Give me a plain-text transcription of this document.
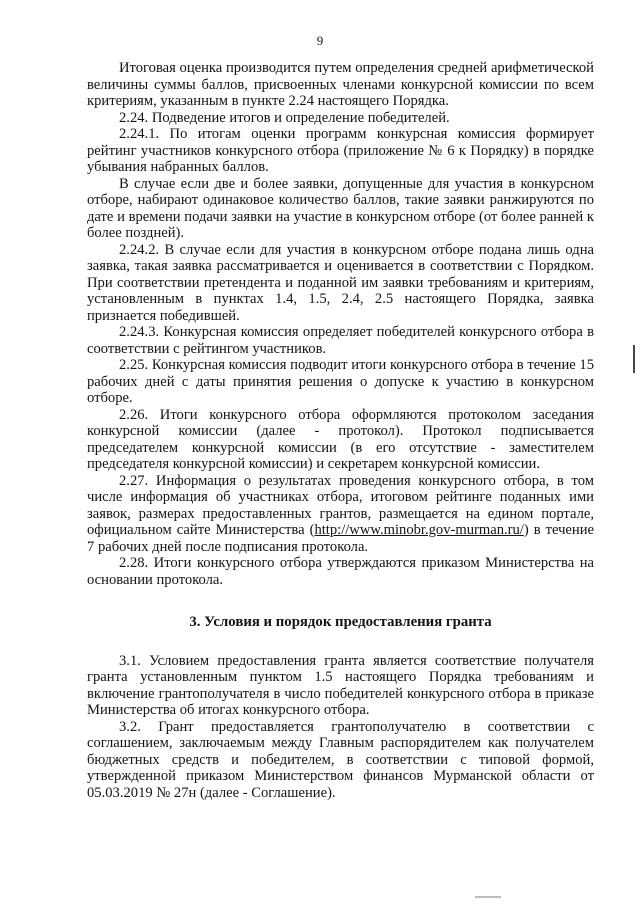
9

Итоговая оценка производится путем определения средней арифметической величины суммы баллов, присвоенных членами конкурсной комиссии по всем критериям, указанным в пункте 2.24 настоящего Порядка.

2.24. Подведение итогов и определение победителей.

2.24.1. По итогам оценки программ конкурсная комиссия формирует рейтинг участников конкурсного отбора (приложение № 6 к Порядку) в порядке убывания набранных баллов.

В случае если две и более заявки, допущенные для участия в конкурсном отборе, набирают одинаковое количество баллов, такие заявки ранжируются по дате и времени подачи заявки на участие в конкурсном отборе (от более ранней к более поздней).

2.24.2. В случае если для участия в конкурсном отборе подана лишь одна заявка, такая заявка рассматривается и оценивается в соответствии с Порядком. При соответствии претендента и поданной им заявки требованиям и критериям, установленным в пунктах 1.4, 1.5, 2.4, 2.5 настоящего Порядка, заявка признается победившей.

2.24.3. Конкурсная комиссия определяет победителей конкурсного отбора в соответствии с рейтингом участников.

2.25. Конкурсная комиссия подводит итоги конкурсного отбора в течение 15 рабочих дней с даты принятия решения о допуске к участию в конкурсном отборе.

2.26. Итоги конкурсного отбора оформляются протоколом заседания конкурсной комиссии (далее - протокол). Протокол подписывается председателем конкурсной комиссии (в его отсутствие - заместителем председателя конкурсной комиссии) и секретарем конкурсной комиссии.

2.27. Информация о результатах проведения конкурсного отбора, в том числе информация об участниках отбора, итоговом рейтинге поданных ими заявок, размерах предоставленных грантов, размещается на едином портале, официальном сайте Министерства (http://www.minobr.gov-murman.ru/) в течение 7 рабочих дней после подписания протокола.

2.28. Итоги конкурсного отбора утверждаются приказом Министерства на основании протокола.

3. Условия и порядок предоставления гранта

3.1. Условием предоставления гранта является соответствие получателя гранта установленным пунктом 1.5 настоящего Порядка требованиям и включение грантополучателя в число победителей конкурсного отбора в приказе Министерства об итогах конкурсного отбора.

3.2. Грант предоставляется грантополучателю в соответствии с соглашением, заключаемым между Главным распорядителем как получателем бюджетных средств и победителем, в соответствии с типовой формой, утвержденной приказом Министерством финансов Мурманской области от 05.03.2019 № 27н (далее - Соглашение).
